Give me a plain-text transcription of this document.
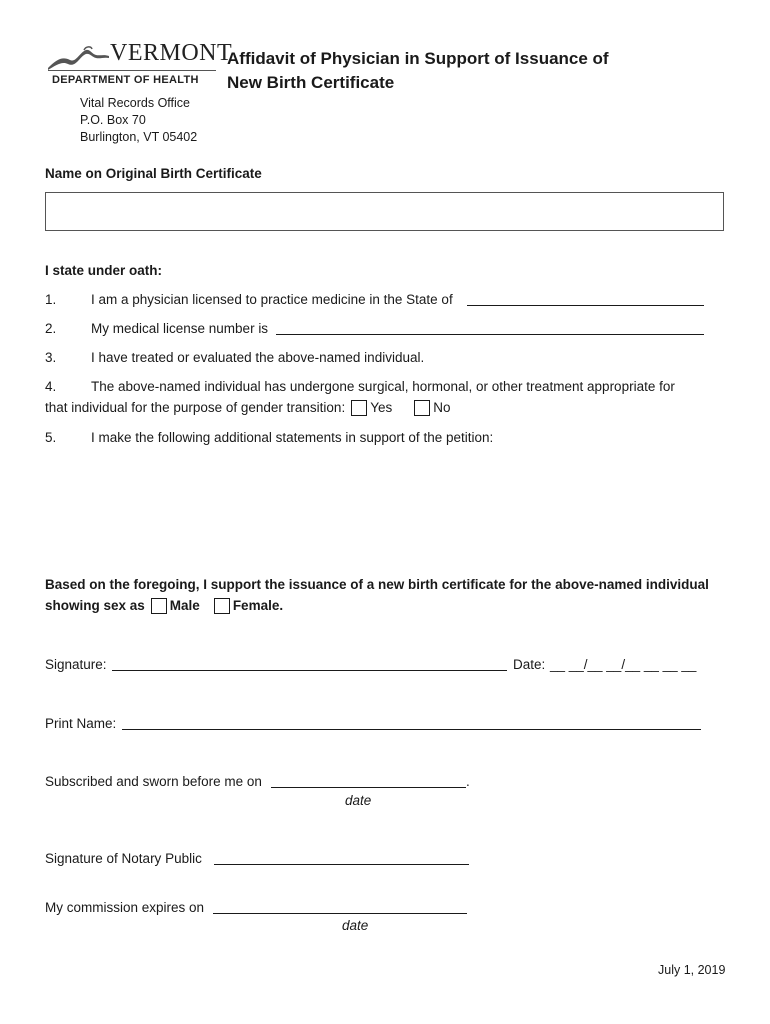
VERMONT
DEPARTMENT OF HEALTH
Affidavit of Physician in Support of Issuance of
New Birth Certificate
Vital Records Office
P.O. Box 70
Burlington, VT 05402
Name on Original Birth Certificate
I state under oath:
1.	I am a physician licensed to practice medicine in the State of
2.	My medical license number is
3.	I have treated or evaluated the above-named individual.
4.	The above-named individual has undergone surgical, hormonal, or other treatment appropriate for
that individual for the purpose of gender transition: Yes	No
5.	I make the following additional statements in support of the petition:
Based on the foregoing, I support the issuance of a new birth certificate for the above-named individual
showing sex as Male Female.
Signature:	Date: __ __/__ __/__ __ __ __
Print Name:
Subscribed and sworn before me on	.
date
Signature of Notary Public
My commission expires on
date
July 1, 2019
